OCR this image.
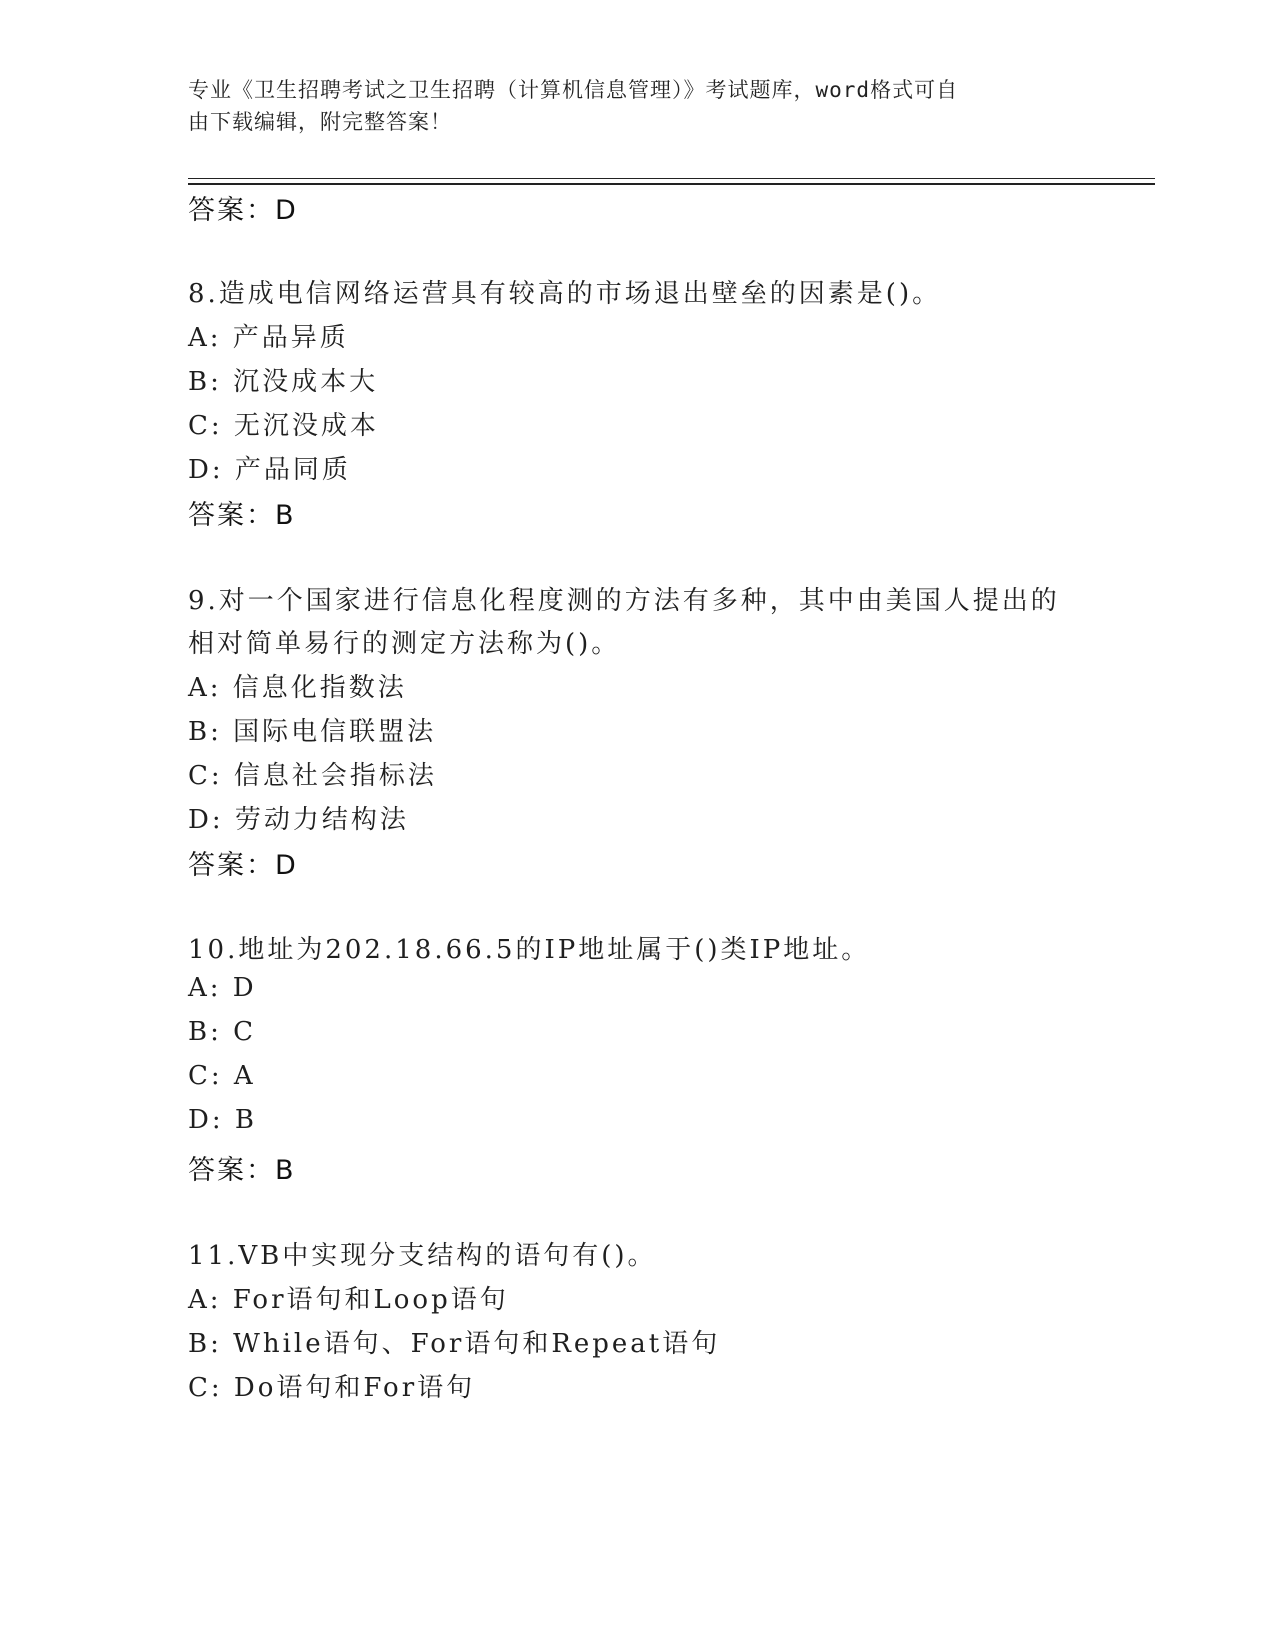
专业《卫生招聘考试之卫生招聘（计算机信息管理）》考试题库，word格式可自
由下载编辑，附完整答案！
答案：D
8.造成电信网络运营具有较高的市场退出壁垒的因素是()。
A: 产品异质
B: 沉没成本大
C: 无沉没成本
D: 产品同质
答案：B
9.对一个国家进行信息化程度测的方法有多种，其中由美国人提出的
相对简单易行的测定方法称为()。
A: 信息化指数法
B: 国际电信联盟法
C: 信息社会指标法
D: 劳动力结构法
答案：D
10.地址为202.18.66.5的IP地址属于()类IP地址。
A: D
B: C
C: A
D: B
答案：B
11.VB中实现分支结构的语句有()。
A: For语句和Loop语句
B: While语句、For语句和Repeat语句
C: Do语句和For语句
